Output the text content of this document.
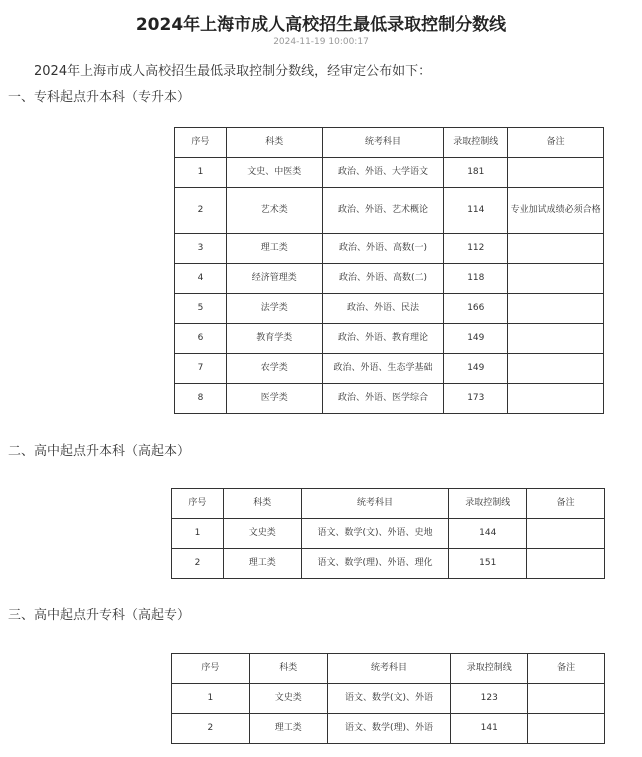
2024年上海市成人高校招生最低录取控制分数线
2024-11-19 10:00:17
2024年上海市成人高校招生最低录取控制分数线，经审定公布如下：
一、专科起点升本科（专升本）
序号	科类	统考科目	录取控制线	备注
1	文史、中医类	政治、外语、大学语文	181	
2	艺术类	政治、外语、艺术概论	114	专业加试成绩必须合格
3	理工类	政治、外语、高数(一)	112	
4	经济管理类	政治、外语、高数(二)	118	
5	法学类	政治、外语、民法	166	
6	教育学类	政治、外语、教育理论	149	
7	农学类	政治、外语、生态学基础	149	
8	医学类	政治、外语、医学综合	173	
二、高中起点升本科（高起本）
序号	科类	统考科目	录取控制线	备注
1	文史类	语文、数学(文)、外语、史地	144	
2	理工类	语文、数学(理)、外语、理化	151	
三、高中起点升专科（高起专）
序号	科类	统考科目	录取控制线	备注
1	文史类	语文、数学(文)、外语	123	
2	理工类	语文、数学(理)、外语	141	
